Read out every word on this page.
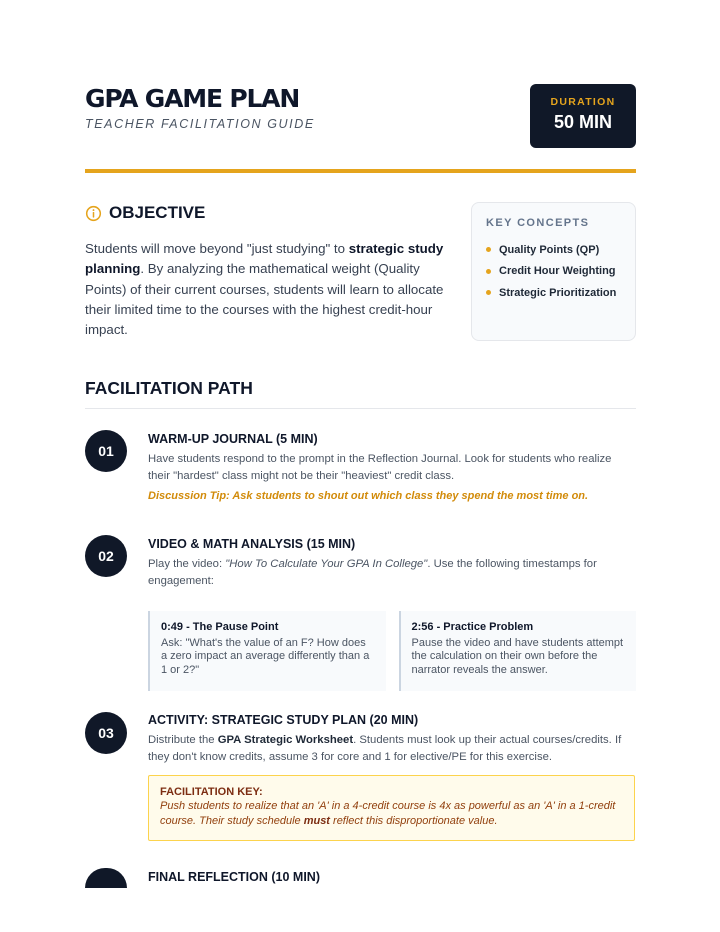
GPA GAME PLAN
TEACHER FACILITATION GUIDE
DURATION
50 MIN
OBJECTIVE

Students will move beyond "just studying" to strategic study planning. By analyzing the mathematical weight (Quality Points) of their current courses, students will learn to allocate their limited time to the courses with the highest credit-hour impact.

KEY CONCEPTS
Quality Points (QP)
Credit Hour Weighting
Strategic Prioritization
FACILITATION PATH
01
WARM-UP JOURNAL (5 MIN)
Have students respond to the prompt in the Reflection Journal. Look for students who realize their "hardest" class might not be their "heaviest" credit class.
Discussion Tip: Ask students to shout out which class they spend the most time on.
02
VIDEO & MATH ANALYSIS (15 MIN)
Play the video: "How To Calculate Your GPA In College". Use the following timestamps for engagement:
0:49 - The Pause Point
Ask: "What's the value of an F? How does a zero impact an average differently than a 1 or 2?"
2:56 - Practice Problem
Pause the video and have students attempt the calculation on their own before the narrator reveals the answer.
03
ACTIVITY: STRATEGIC STUDY PLAN (20 MIN)
Distribute the GPA Strategic Worksheet. Students must look up their actual courses/credits. If they don't know credits, assume 3 for core and 1 for elective/PE for this exercise.
FACILITATION KEY:
Push students to realize that an 'A' in a 4-credit course is 4x as powerful as an 'A' in a 1-credit course. Their study schedule must reflect this disproportionate value.
FINAL REFLECTION (10 MIN)
